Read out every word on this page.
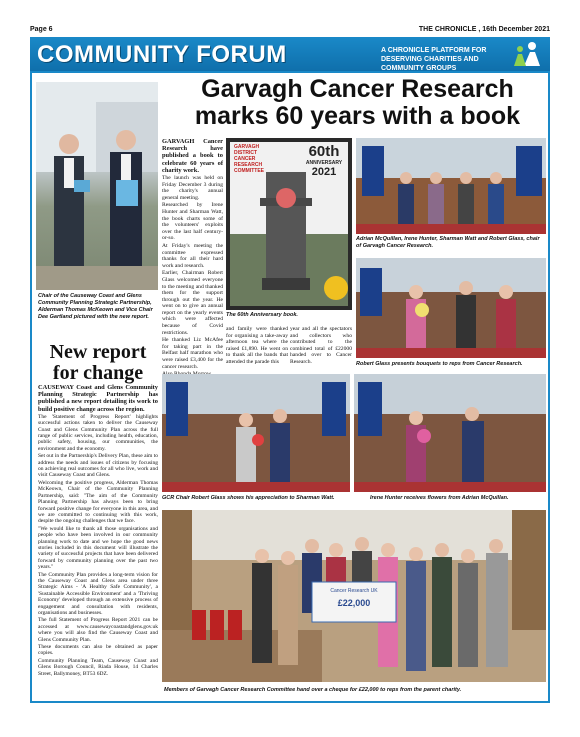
Page 6	THE CHRONICLE , 16th December 2021
COMMUNITY FORUM	A CHRONICLE PLATFORM FOR DESERVING CHARITIES AND COMMUNITY GROUPS
Garvagh Cancer Research marks 60 years with a book
Chair of the Causeway Coast and Glens Community Planning Strategic Partnership, Alderman Thomas McKeown and Vice Chair Dee Gartland pictured with the new report.
GARVAGH
DISTRICT
CANCER
RESEARCH
COMMITTEE
60th
ANNIVERSARY
2021
The 60th Anniversary book.

GARVAGH Cancer Research have published a book to celebrate 60 years of charity work.

The launch was held on Friday December 3 during the charity's annual general meeting.

Researched by Irene Hunter and Sharman Watt, the book charts some of the volunteers' exploits over the last half century-or-so.

At Friday's meeting the committee expressed thanks for all their hard work and research.

Earlier, Chairman Robert Glass welcomed everyone to the meeting and thanked them for the support through out the year. He went on to give an annual report on the yearly events which were affected because of Covid restrictions.

He thanked Liz McAfee for taking part in the Belfast half marathon who were raised £3,400 for the cancer research.

and family were thanked for organising a take-away afternoon tea where the raised £1,890. He went on to thank all the bands that attended the parade this

year and all the spectators and collectors who contributed to the combined total of £22000 handed over to Cancer Research.

Adrian McQuillan, Irene Hunter, Sharman Watt and Robert Glass, chair of Garvagh Cancer Research.
Robert Glass presents bouquets to reps from Cancer Research.
New report for change

CAUSEWAY Coast and Glens Community Planning Strategic Partnership has published a new report detailing its work to build positive change across the region.

The 'Statement of Progress Report' highlights successful actions taken to deliver the Causeway Coast and Glens Community Plan across the full range of public services, including health, education, public safety, housing, our communities, the environment and the economy.

Set out in the Partnership's Delivery Plan, these aim to address the needs and issues of citizens by focusing on achieving real outcomes for all who live, work and visit Causeway Coast and Glens.

Welcoming the positive progress, Alderman Thomas McKeown, Chair of the Community Planning Partnership, said: "The aim of the Community Planning Partnership has always been to bring forward positive change for everyone in this area, and we are committed to continuing with this work, despite the ongoing challenges that we face.

"We would like to thank all those organisations and people who have been involved in our community planning work to date and we hope the good news stories included in this document will illustrate the variety of successful projects that have been delivered forward by community planning over the past two years."

The Community Plan provides a long-term vision for the Causeway Coast and Glens area under three Strategic Aims - 'A Healthy Safe Community', a 'Sustainable Accessible Environment' and a 'Thriving Economy' developed through an extensive process of engagement and consultation with residents, organisations and businesses.

The full Statement of Progress Report 2021 can be accessed at www.causewaycoastandglens.gov.uk where you will also find the Causeway Coast and Glens Community Plan.

These documents can also be obtained as paper copies.

Community Planning Team, Causeway Coast and Glens Borough Council, Riada House, 14 Charles Street, Ballymoney, BT53 6DZ.

GCR Chair Robert Glass shows his appreciation to Sharman Watt.	Irene Hunter receives flowers from Adrian McQuillan.
Cancer Research UK
£22,000
Members of Garvagh Cancer Research Committee hand over a cheque for £22,000 to reps from the parent charity.
